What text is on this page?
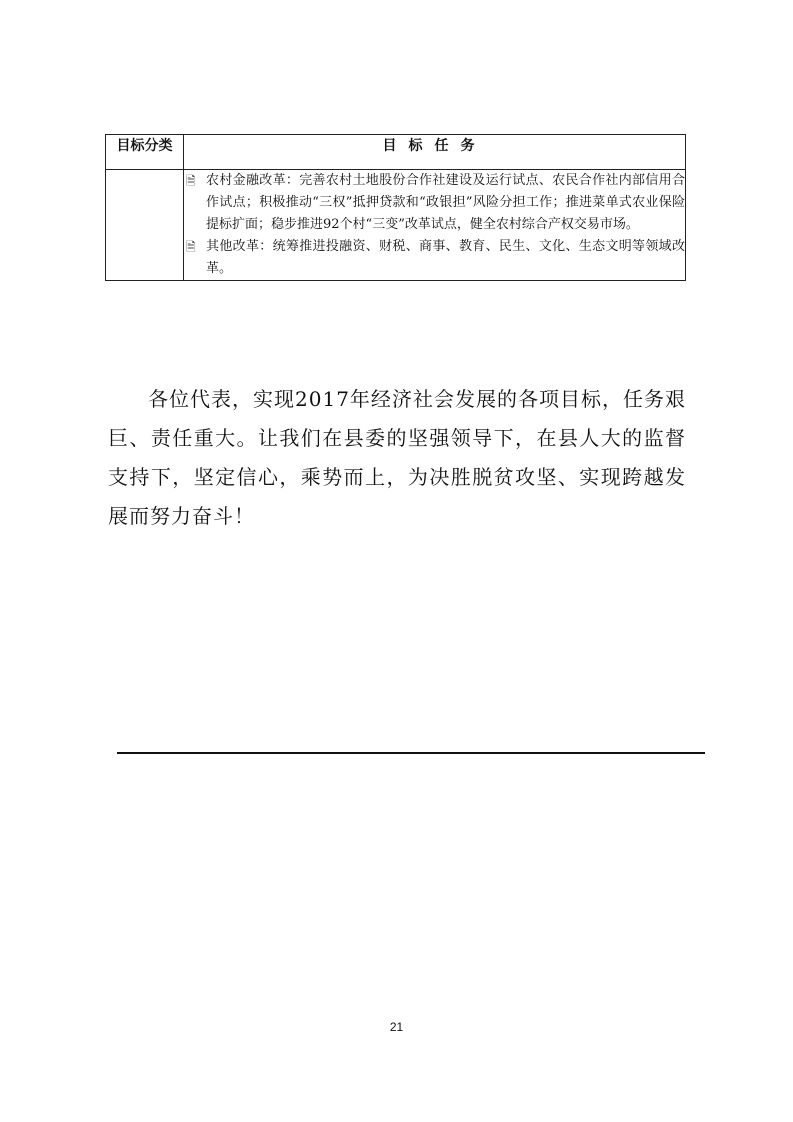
目标分类	目标任务

	🗎 农村金融改革：完善农村土地股份合作社建设及运行试点、农民合作社内部信用合作试点；积极推动“三权”抵押贷款和“政银担”风险分担工作；推进菜单式农业保险提标扩面；稳步推进92个村“三变”改革试点，健全农村综合产权交易市场。
🗎 其他改革：统筹推进投融资、财税、商事、教育、民生、文化、生态文明等领域改革。

各位代表，实现2017年经济社会发展的各项目标，任务艰巨、责任重大。让我们在县委的坚强领导下，在县人大的监督支持下，坚定信心，乘势而上，为决胜脱贫攻坚、实现跨越发展而努力奋斗！

21
